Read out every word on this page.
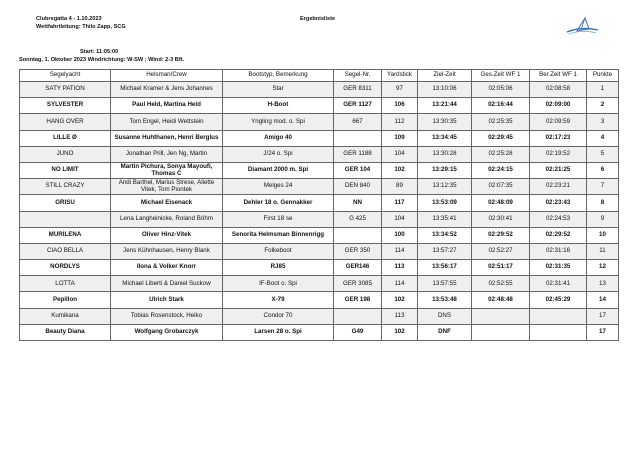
Clubregatta 4 - 1.10.2023
Wettfahrtleitung: Thilo Zapp, SCG
Ergebnisliste
Start: 11:05:00
Sonntag, 1. Oktober 2023 Windrichtung: W-SW ; Wind: 2-3 Bft.
Segelyacht	Helsman/Crew	Bootstyp, Bemerkung	Segel-Nr.	Yardstick	Ziel-Zeit	Ges.Zeit WF 1	Ber.Zeit WF 1	Punkte
SATY PATION	Michael Kramer & Jens Johannes	Star	GER 8311	97	13:10:06	02:05:06	02:08:58	1
SYLVESTER	Paul Held, Martina Held	H-Boot	GER 1127	106	13:21:44	02:16:44	02:09:00	2
HANG OVER	Tom Engel, Heidi Wettstein	Yngling mod. o. Spi	667	112	13:30:35	02:25:35	02:09:59	3
LILLE Ø	Susanne Huhthanen, Henri Berglus	Amigo 40		109	13:34:45	02:29:45	02:17:23	4
JUNO	Jonathan Prill, Jen Ng, Martin	J/24 o. Spi	GER 1188	104	13:30:28	02:25:28	02:19:52	5
NO LIMIT	Martin Pichura, Sonya Mayoufi, Thomas C	Diamant 2000 m. Spi	GER 104	102	13:29:15	02:24:15	02:21:25	6
STILL CRAZY	Andi Barthel, Marius Strese, Aliette Vitek, Tom Piontek	Melges 24	DEN 840	89	13:12:35	02:07:35	02:23:21	7
GRISU	Michael Eisenack	Dehler 18 o. Gennakker	NN	117	13:53:09	02:48:09	02:23:43	8
	Lena Langheinicke, Roland Böhm	First 18 se	G 425	104	13:35:41	02:30:41	02:24:53	9
MURILENA	Oliver Hinz-Vitek	Senorita Helmsman Binnenrigg		100	13:34:52	02:29:52	02:29:52	10
CIAO BELLA	Jens Kühnhausen, Henry Blank	Folkeboot	GER 350	114	13:57:27	02:52:27	02:31:16	11
NORDLYS	Ilona & Volker Knorr	RJ85	GER146	113	13:56:17	02:51:17	02:31:35	12
LOTTA	Michael Liberti & Daniel Suckow	IF-Boot o. Spi	GER 3085	114	13:57:55	02:52:55	02:31:41	13
Pepillon	Ulrich Stark	X-79	GER 198	102	13:53:48	02:48:48	02:45:29	14
Kumikana	Tobias Rosenstock, Heiko	Condor 70		113	DNS			17
Beauty Diana	Wolfgang Grobarczyk	Larsen 28 o. Spi	G49	102	DNF			17
